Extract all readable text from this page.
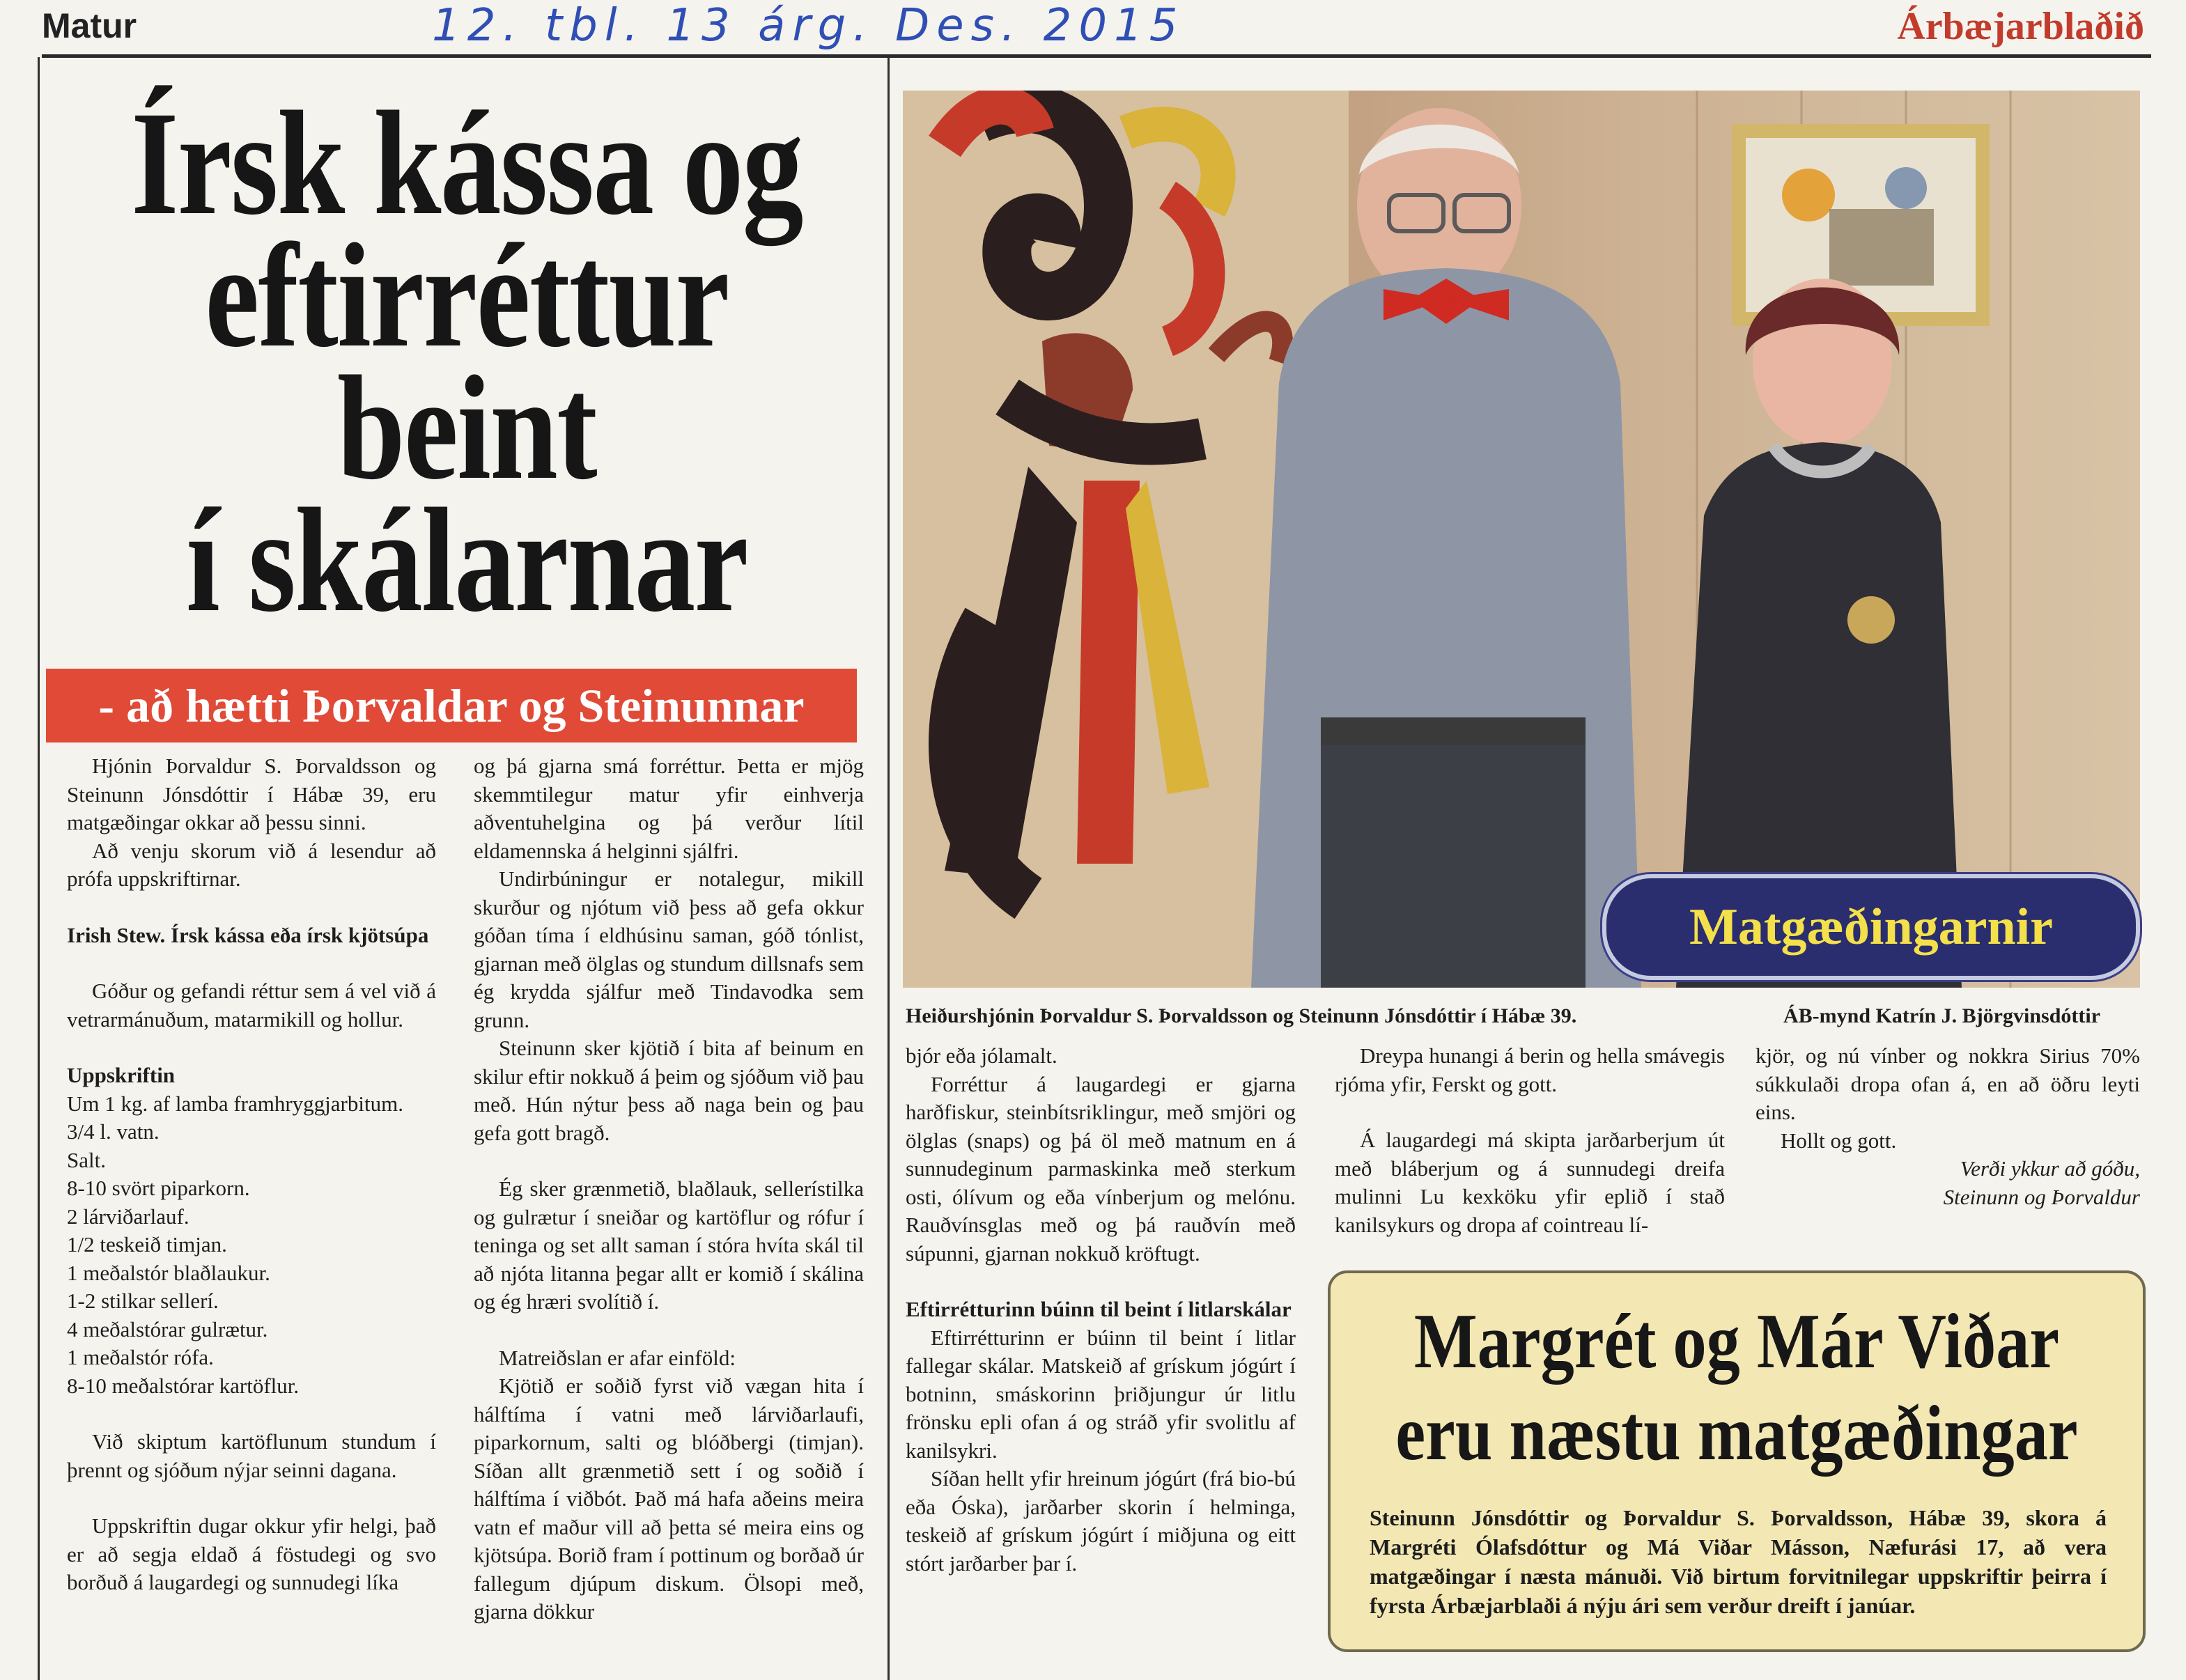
Matur	12. tbl. 13 árg. Des. 2015	Árbæjarblaðið
Írsk kássa og
eftirréttur beint
í skálarnar
- að hætti Þorvaldar og Steinunnar

Hjónin Þorvaldur S. Þorvaldsson og Steinunn Jónsdóttir í Hábæ 39, eru matgæðingar okkar að þessu sinni.

Að venju skorum við á lesendur að prófa uppskriftirnar.

Irish Stew. Írsk kássa eða írsk kjötsúpa

Góður og gefandi réttur sem á vel við á vetrarmánuðum, matarmikill og hollur.

Uppskriftin

Um 1 kg. af lamba framhryggjarbitum.

3/4 l. vatn.

Salt.

8-10 svört piparkorn.

2 lárviðarlauf.

1/2 teskeið timjan.

1 meðalstór blaðlaukur.

1-2 stilkar sellerí.

4 meðalstórar gulrætur.

1 meðalstór rófa.

8-10 meðalstórar kartöflur.

Við skiptum kartöflunum stundum í þrennt og sjóðum nýjar seinni dagana.

Uppskriftin dugar okkur yfir helgi, það er að segja eldað á föstudegi og svo borðuð á laugardegi og sunnudegi líka

og þá gjarna smá forréttur. Þetta er mjög skemmtilegur matur yfir einhverja aðventuhelgina og þá verður lítil eldamennska á helginni sjálfri.

Undirbúningur er notalegur, mikill skurður og njótum við þess að gefa okkur góðan tíma í eldhúsinu saman, góð tónlist, gjarnan með ölglas og stundum dillsnafs sem ég krydda sjálfur með Tindavodka sem grunn.

Steinunn sker kjötið í bita af beinum en skilur eftir nokkuð á þeim og sjóðum við þau með. Hún nýtur þess að naga bein og þau gefa gott bragð.

Ég sker grænmetið, blaðlauk, sellerístilka og gulrætur í sneiðar og kartöflur og rófur í teninga og set allt saman í stóra hvíta skál til að njóta litanna þegar allt er komið í skálina og ég hræri svolítið í.

Matreiðslan er afar einföld:

Kjötið er soðið fyrst við vægan hita í hálftíma í vatni með lárviðarlaufi, piparkornum, salti og blóðbergi (timjan). Síðan allt grænmetið sett í og soðið í hálftíma í viðbót. Það má hafa aðeins meira vatn ef maður vill að þetta sé meira eins og kjötsúpa. Borið fram í pottinum og borðað úr fallegum djúpum diskum. Ölsopi með, gjarna dökkur

Matgæðingarnir
Heiðurshjónin Þorvaldur S. Þorvaldsson og Steinunn Jónsdóttir í Hábæ 39.	ÁB-mynd Katrín J. Björgvinsdóttir

bjór eða jólamalt.

Forréttur á laugardegi er gjarna harðfiskur, steinbítsriklingur, með smjöri og ölglas (snaps) og þá öl með matnum en á sunnudeginum parmaskinka með sterkum osti, ólívum og eða vínberjum og melónu. Rauðvínsglas með og þá rauðvín með súpunni, gjarnan nokkuð kröftugt.

Eftirrétturinn búinn til beint í litlarskálar

Eftirrétturinn er búinn til beint í litlar fallegar skálar. Matskeið af grískum jógúrt í botninn, smáskorinn þriðjungur úr litlu frönsku epli ofan á og stráð yfir svolitlu af kanilsykri.

Síðan hellt yfir hreinum jógúrt (frá bio-bú eða Óska), jarðarber skorin í helminga, teskeið af grískum jógúrt í miðjuna og eitt stórt jarðarber þar í.

Dreypa hunangi á berin og hella smávegis rjóma yfir, Ferskt og gott.

Á laugardegi má skipta jarðarberjum út með bláberjum og á sunnudegi dreifa mulinni Lu kexköku yfir eplið í stað kanilsykurs og dropa af cointreau lí-

kjör, og nú vínber og nokkra Sirius 70% súkkulaði dropa ofan á, en að öðru leyti eins.

Hollt og gott.

Verði ykkur að góðu,

Steinunn og Þorvaldur

Margrét og Már Viðar
eru næstu matgæðingar
Steinunn Jónsdóttir og Þorvaldur S. Þorvaldsson, Hábæ 39, skora á
Margréti Ólafsdóttur og Má Viðar Másson, Næfurási 17, að vera
matgæðingar í næsta mánuði. Við birtum forvitnilegar uppskriftir þeirra í
fyrsta Árbæjarblaði á nýju ári sem verður dreift í janúar.
